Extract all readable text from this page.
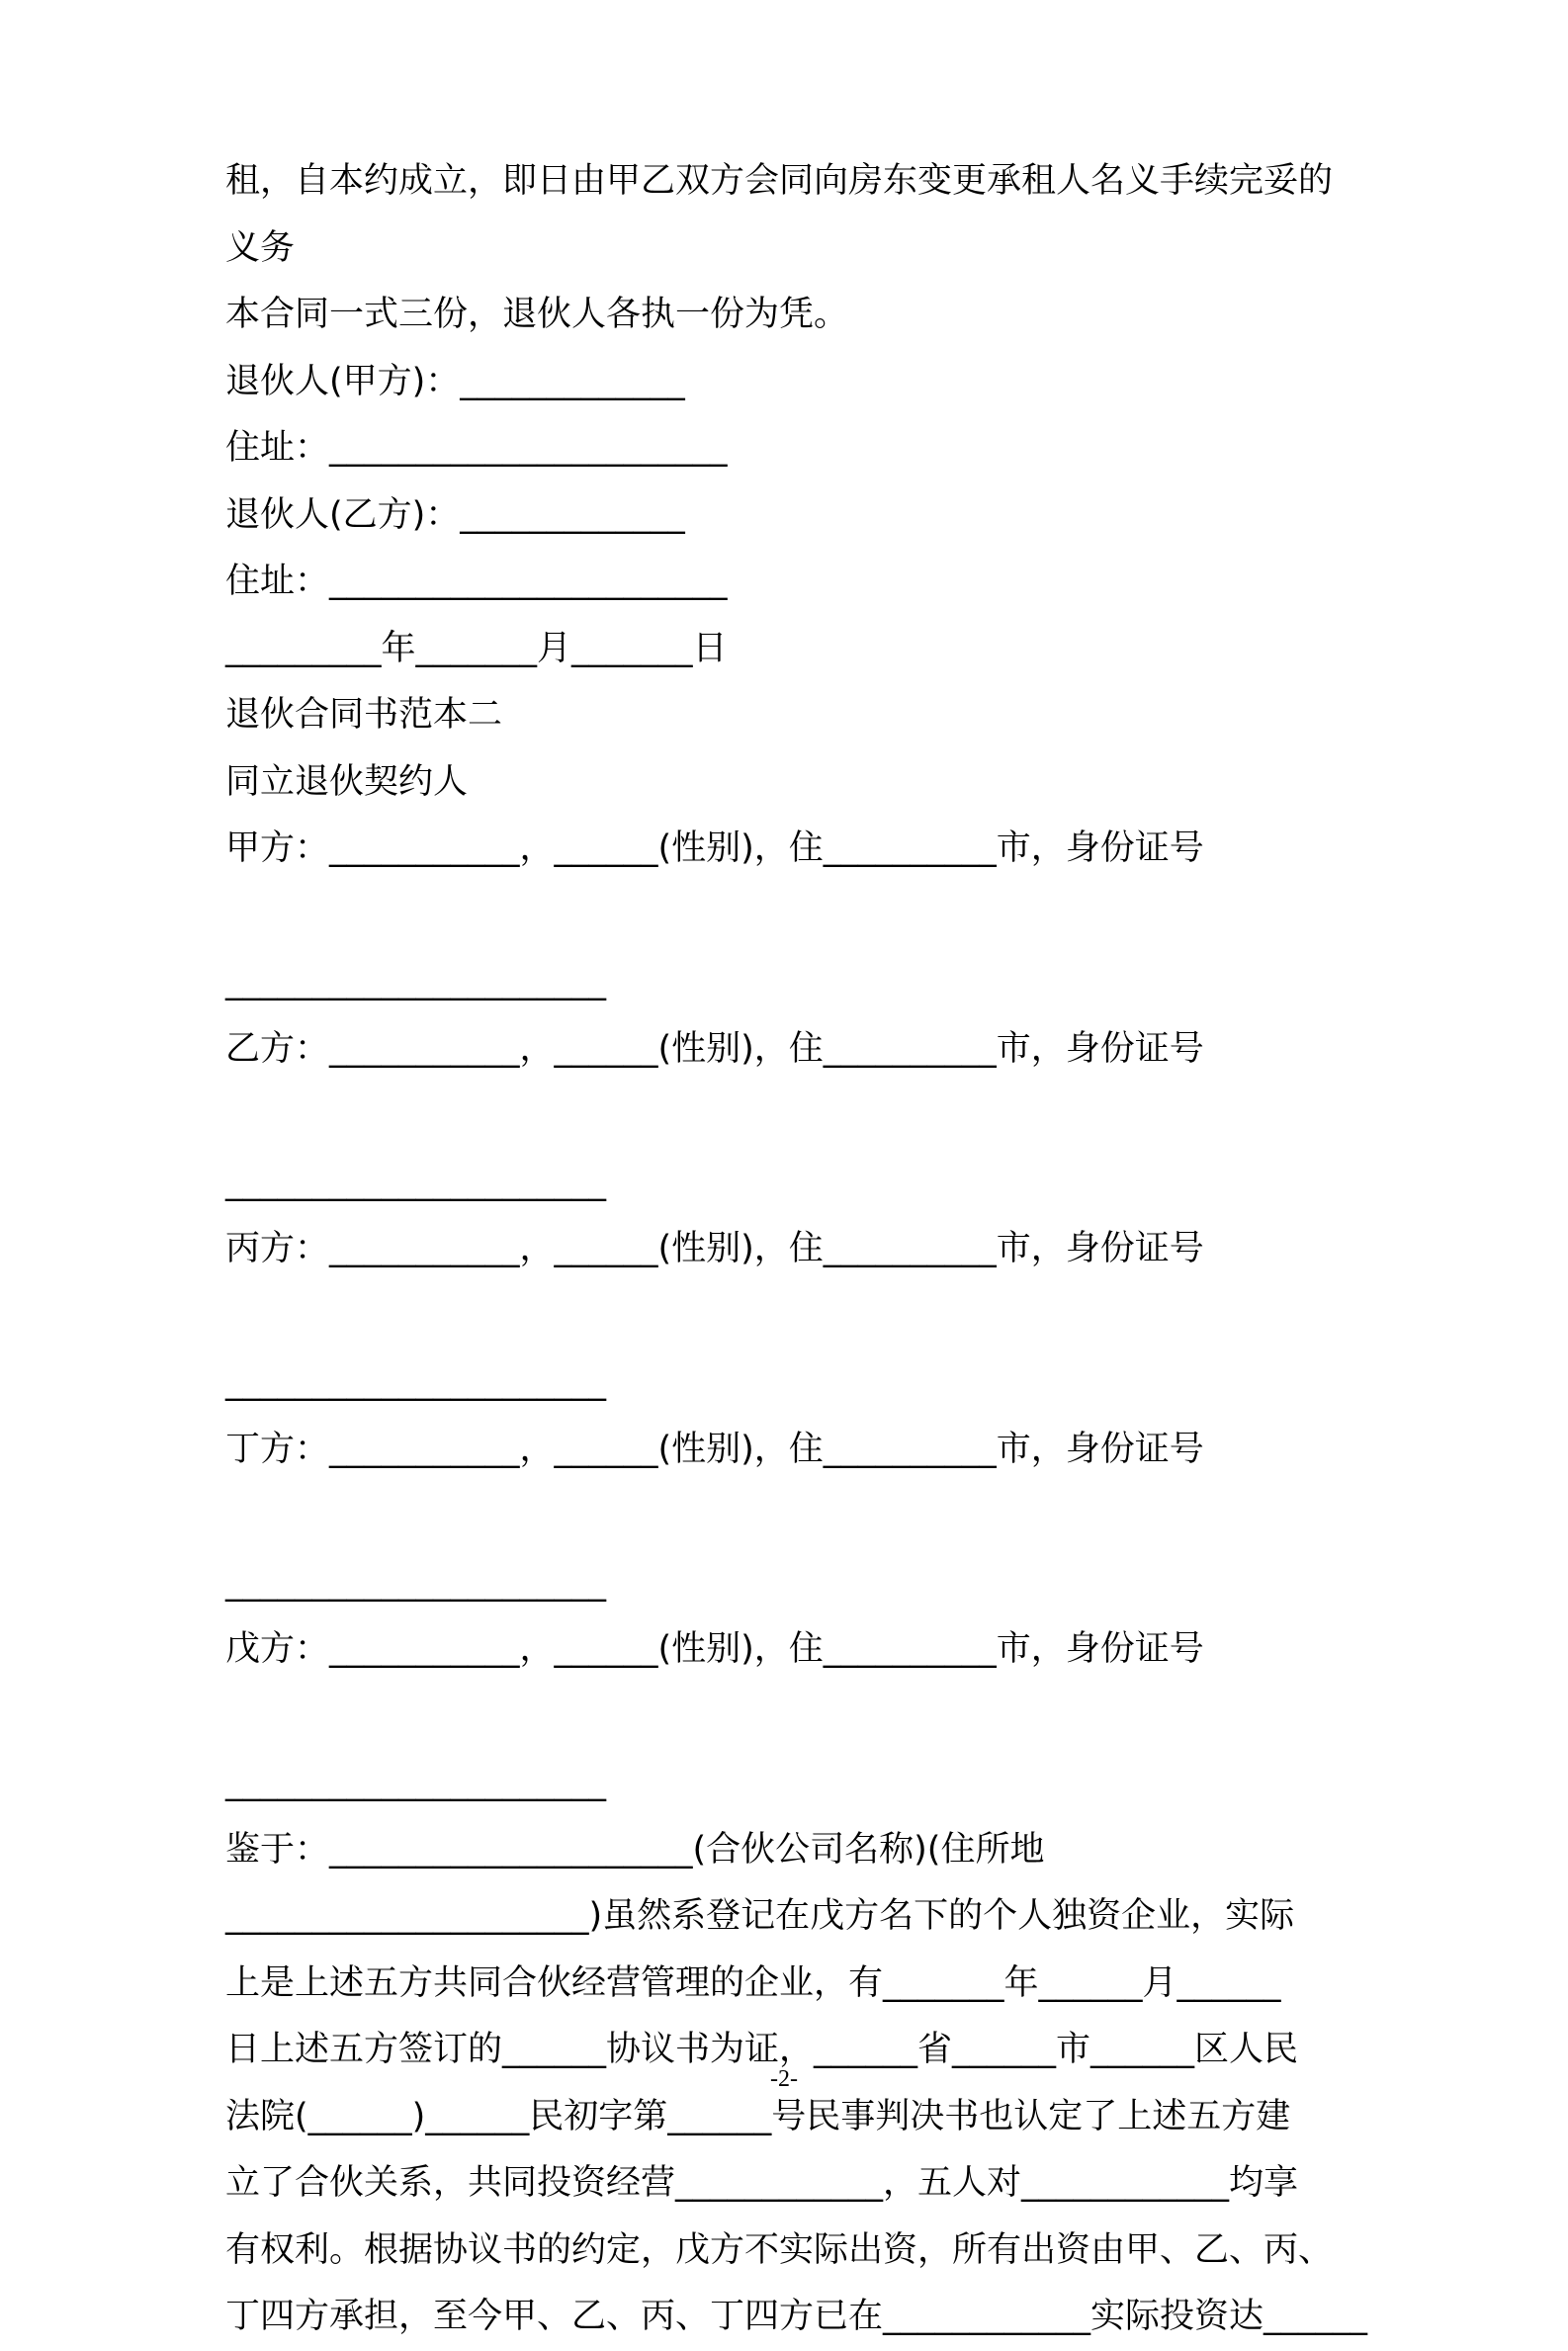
租，自本约成立，即日由甲乙双方会同向房东变更承租人名义手续完妥的
义务
本合同一式三份，退伙人各执一份为凭。
退伙人(甲方)：_____________
住址：_______________________
退伙人(乙方)：_____________
住址：_______________________
_________年_______月_______日
退伙合同书范本二
同立退伙契约人
甲方：___________，______(性别)，住__________市，身份证号
______________________
乙方：___________，______(性别)，住__________市，身份证号
______________________
丙方：___________，______(性别)，住__________市，身份证号
______________________
丁方：___________，______(性别)，住__________市，身份证号
______________________
戊方：___________，______(性别)，住__________市，身份证号
______________________
鉴于：_____________________(合伙公司名称)(住所地
_____________________)虽然系登记在戊方名下的个人独资企业，实际
上是上述五方共同合伙经营管理的企业，有_______年______月______
日上述五方签订的______协议书为证，______省______市______区人民
法院(______)______民初字第______号民事判决书也认定了上述五方建
立了合伙关系，共同投资经营____________，五人对____________均享
有权利。根据协议书的约定，戊方不实际出资，所有出资由甲、乙、丙、
丁四方承担，至今甲、乙、丙、丁四方已在____________实际投资达______
-2-
